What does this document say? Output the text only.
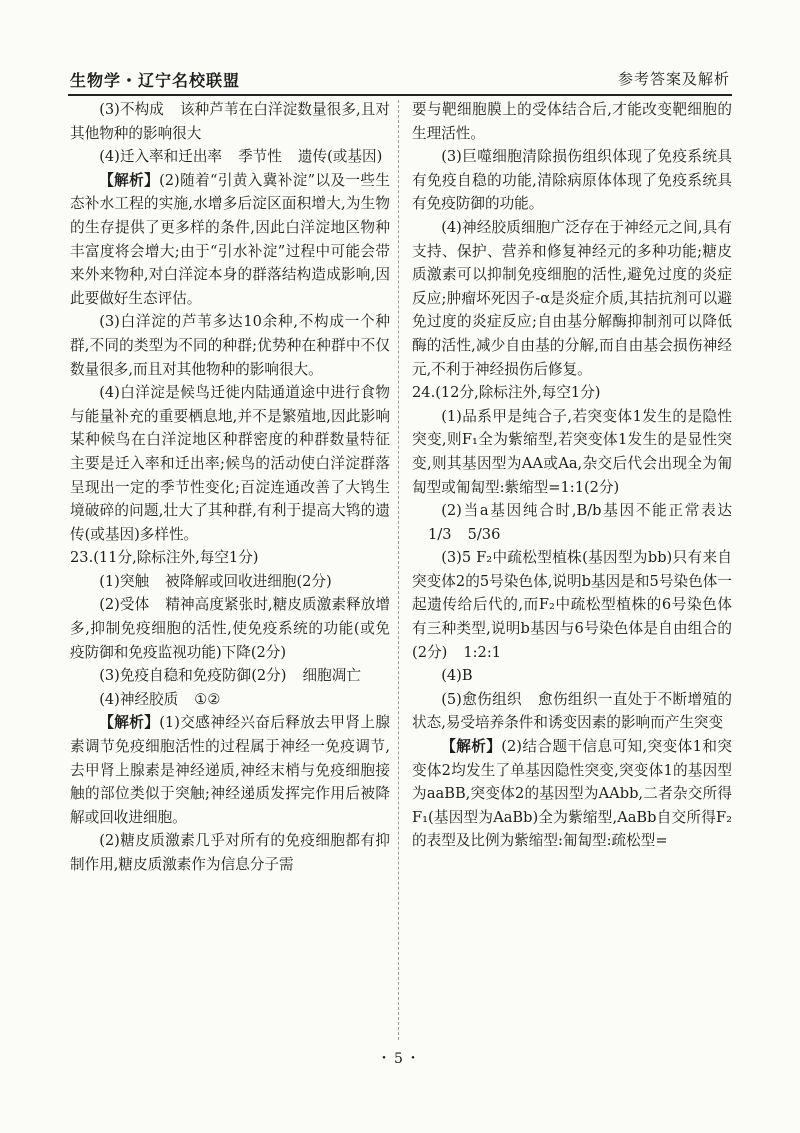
生物学・辽宁名校联盟	参考答案及解析

(3)不构成 该种芦苇在白洋淀数量很多,且对其他物种的影响很大

(4)迁入率和迁出率 季节性 遗传(或基因)

【解析】(2)随着“引黄入冀补淀”以及一些生态补水工程的实施,水增多后淀区面积增大,为生物的生存提供了更多样的条件,因此白洋淀地区物种丰富度将会增大;由于“引水补淀”过程中可能会带来外来物种,对白洋淀本身的群落结构造成影响,因此要做好生态评估。

(3)白洋淀的芦苇多达10余种,不构成一个种群,不同的类型为不同的种群;优势种在种群中不仅数量很多,而且对其他物种的影响很大。

(4)白洋淀是候鸟迁徙内陆通道途中进行食物与能量补充的重要栖息地,并不是繁殖地,因此影响某种候鸟在白洋淀地区种群密度的种群数量特征主要是迁入率和迁出率;候鸟的活动使白洋淀群落呈现出一定的季节性变化;百淀连通改善了大鸨生境破碎的问题,壮大了其种群,有利于提高大鸨的遗传(或基因)多样性。

23.(11分,除标注外,每空1分)

(1)突触 被降解或回收进细胞(2分)

(2)受体 精神高度紧张时,糖皮质激素释放增多,抑制免疫细胞的活性,使免疫系统的功能(或免疫防御和免疫监视功能)下降(2分)

(3)免疫自稳和免疫防御(2分) 细胞凋亡

(4)神经胶质 ①②

【解析】(1)交感神经兴奋后释放去甲肾上腺素调节免疫细胞活性的过程属于神经一免疫调节,去甲肾上腺素是神经递质,神经末梢与免疫细胞接触的部位类似于突触;神经递质发挥完作用后被降解或回收进细胞。

(2)糖皮质激素几乎对所有的免疫细胞都有抑制作用,糖皮质激素作为信息分子需

要与靶细胞膜上的受体结合后,才能改变靶细胞的生理活性。

(3)巨噬细胞清除损伤组织体现了免疫系统具有免疫自稳的功能,清除病原体体现了免疫系统具有免疫防御的功能。

(4)神经胶质细胞广泛存在于神经元之间,具有支持、保护、营养和修复神经元的多种功能;糖皮质激素可以抑制免疫细胞的活性,避免过度的炎症反应;肿瘤坏死因子-α是炎症介质,其拮抗剂可以避免过度的炎症反应;自由基分解酶抑制剂可以降低酶的活性,减少自由基的分解,而自由基会损伤神经元,不利于神经损伤后修复。

24.(12分,除标注外,每空1分)

(1)品系甲是纯合子,若突变体1发生的是隐性突变,则F₁全为紫缩型,若突变体1发生的是显性突变,则其基因型为AA或Aa,杂交后代会出现全为匍匐型或匍匐型:紫缩型=1:1(2分)

(2)当a基因纯合时,B/b基因不能正常表达1/3 5/36

(3)5 F₂中疏松型植株(基因型为bb)只有来自突变体2的5号染色体,说明b基因是和5号染色体一起遗传给后代的,而F₂中疏松型植株的6号染色体有三种类型,说明b基因与6号染色体是自由组合的(2分) 1:2:1

(4)B

(5)愈伤组织 愈伤组织一直处于不断增殖的状态,易受培养条件和诱变因素的影响而产生突变

【解析】(2)结合题干信息可知,突变体1和突变体2均发生了单基因隐性突变,突变体1的基因型为aaBB,突变体2的基因型为AAbb,二者杂交所得F₁(基因型为AaBb)全为紫缩型,AaBb自交所得F₂的表型及比例为紫缩型:匍匐型:疏松型=

・5・
